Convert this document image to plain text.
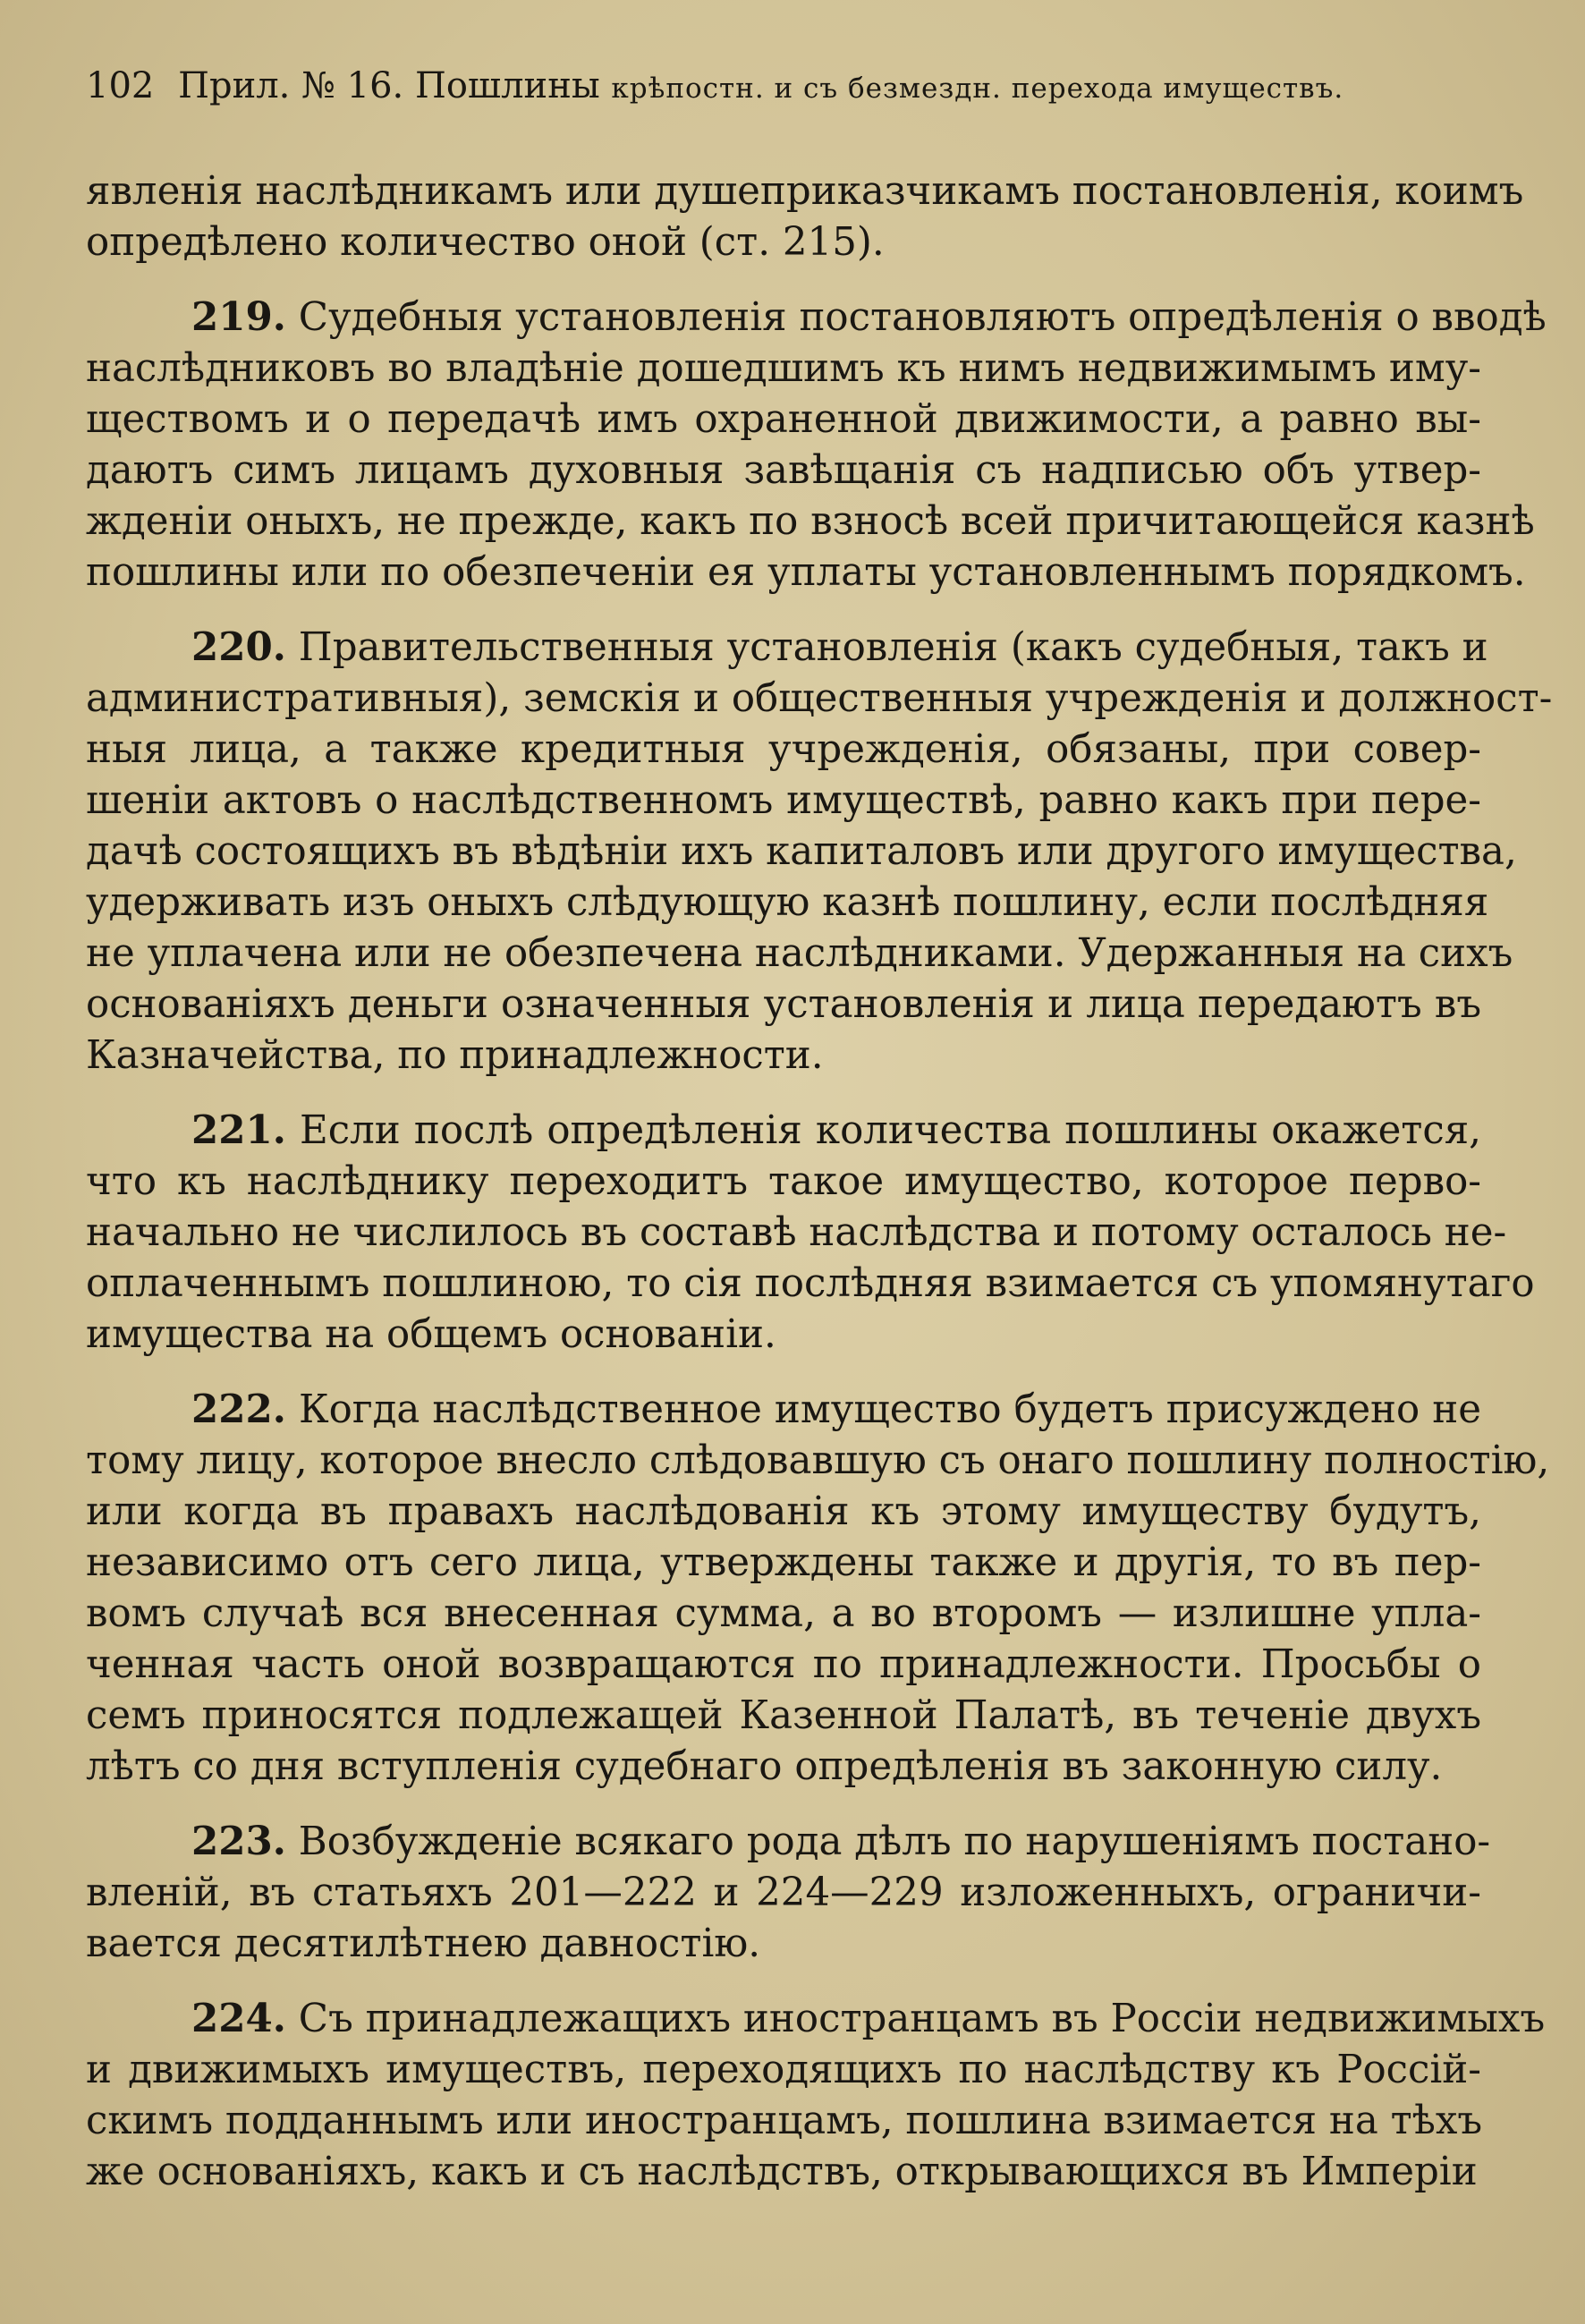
102 Прил. № 16. Пошлины крѣпостн. и съ безмездн. перехода имуществъ.
явленія наслѣдникамъ или душеприказчикамъ постановленія, коимъ
опредѣлено количество оной (ст. 215).
219. Судебныя установленія постановляютъ опредѣленія о вводѣ
наслѣдниковъ во владѣніе дошедшимъ къ нимъ недвижимымъ иму-
ществомъ и о передачѣ имъ охраненной движимости, а равно вы-
даютъ симъ лицамъ духовныя завѣщанія съ надписью объ утвер-
жденіи оныхъ, не прежде, какъ по взносѣ всей причитающейся казнѣ
пошлины или по обезпеченіи ея уплаты установленнымъ порядкомъ.
220. Правительственныя установленія (какъ судебныя, такъ и
административныя), земскія и общественныя учрежденія и должност-
ныя лица, а также кредитныя учрежденія, обязаны, при совер-
шеніи актовъ о наслѣдственномъ имуществѣ, равно какъ при пере-
дачѣ состоящихъ въ вѣдѣніи ихъ капиталовъ или другого имущества,
удерживать изъ оныхъ слѣдующую казнѣ пошлину, если послѣдняя
не уплачена или не обезпечена наслѣдниками. Удержанныя на сихъ
основаніяхъ деньги означенныя установленія и лица передаютъ въ
Казначейства, по принадлежности.
221. Если послѣ опредѣленія количества пошлины окажется,
что къ наслѣднику переходитъ такое имущество, которое перво-
начально не числилось въ составѣ наслѣдства и потому осталось не-
оплаченнымъ пошлиною, то сія послѣдняя взимается съ упомянутаго
имущества на общемъ основаніи.
222. Когда наслѣдственное имущество будетъ присуждено не
тому лицу, которое внесло слѣдовавшую съ онаго пошлину полностію,
или когда въ правахъ наслѣдованія къ этому имуществу будутъ,
независимо отъ сего лица, утверждены также и другія, то въ пер-
вомъ случаѣ вся внесенная сумма, а во второмъ — излишне упла-
ченная часть оной возвращаются по принадлежности. Просьбы о
семъ приносятся подлежащей Казенной Палатѣ, въ теченіе двухъ
лѣтъ со дня вступленія судебнаго опредѣленія въ законную силу.
223. Возбужденіе всякаго рода дѣлъ по нарушеніямъ постано-
вленій, въ статьяхъ 201—222 и 224—229 изложенныхъ, ограничи-
вается десятилѣтнею давностію.
224. Съ принадлежащихъ иностранцамъ въ Россіи недвижимыхъ
и движимыхъ имуществъ, переходящихъ по наслѣдству къ Россій-
скимъ подданнымъ или иностранцамъ, пошлина взимается на тѣхъ
же основаніяхъ, какъ и съ наслѣдствъ, открывающихся въ Имперіи
